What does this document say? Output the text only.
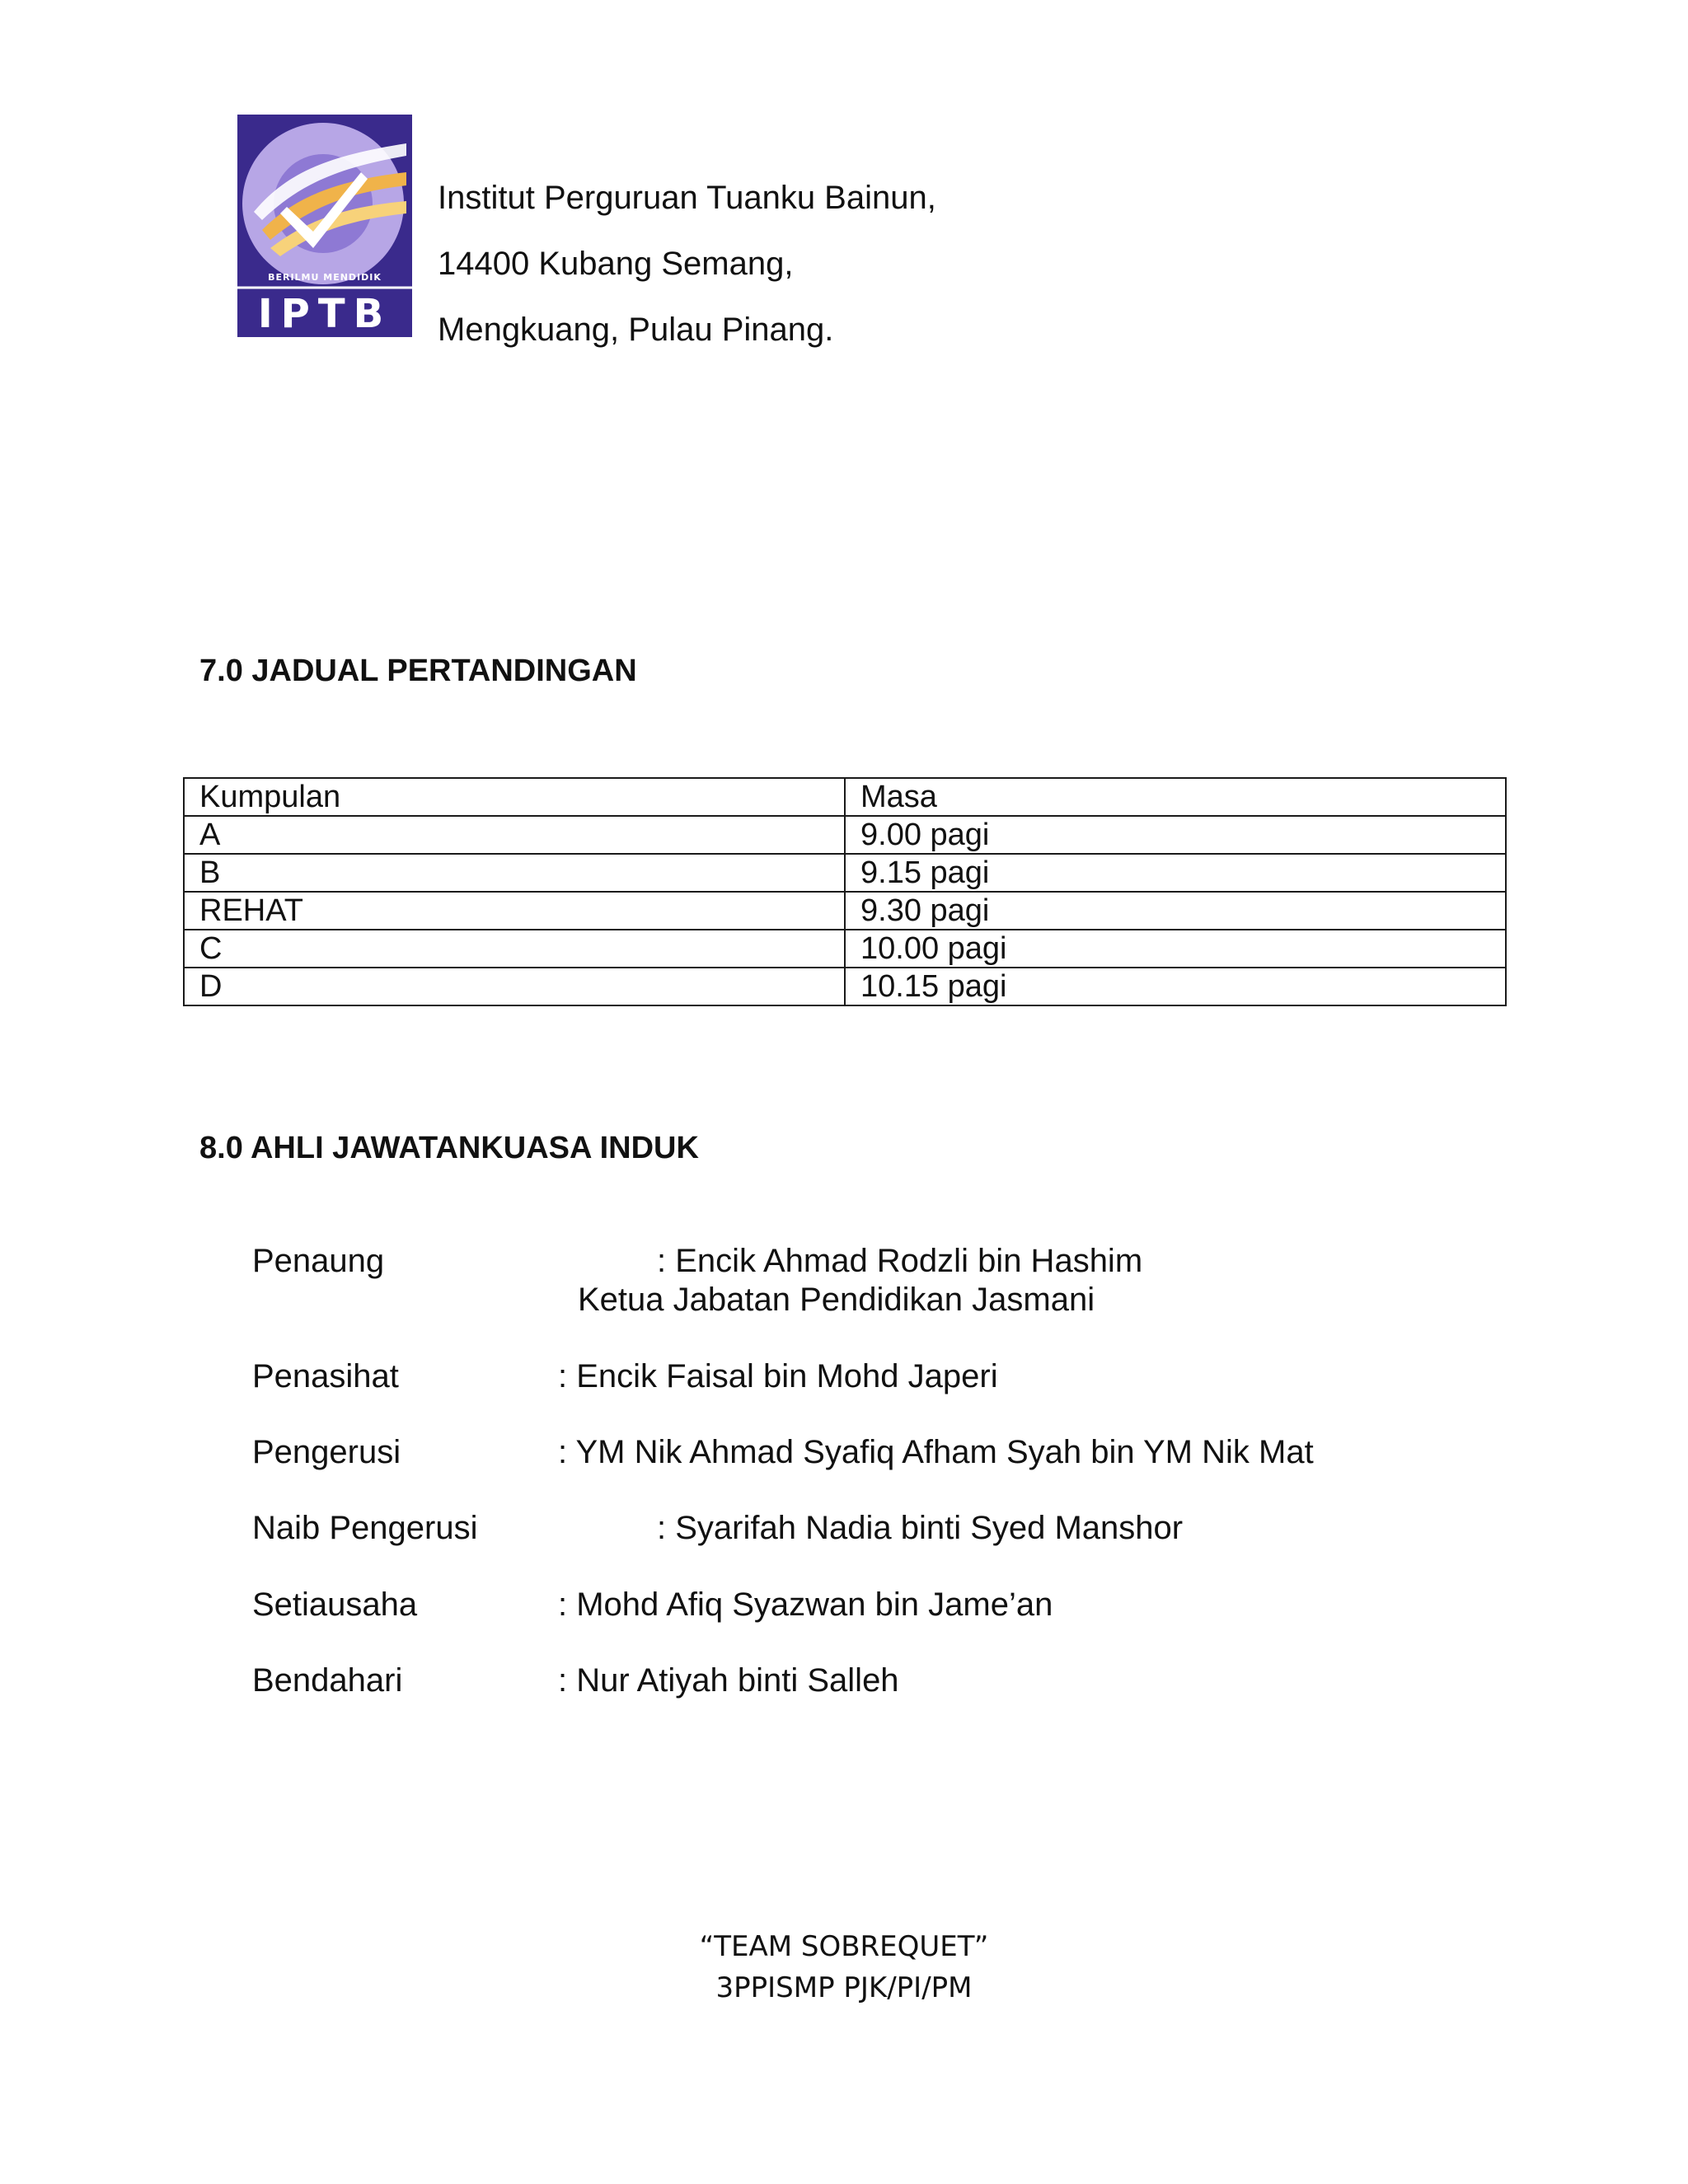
BERILMU MENDIDIK
IPTB
Institut Perguruan Tuanku Bainun,
14400 Kubang Semang,
Mengkuang, Pulau Pinang.
7.0 JADUAL PERTANDINGAN
Kumpulan	Masa
A	9.00 pagi
B	9.15 pagi
REHAT	9.30 pagi
C	10.00 pagi
D	10.15 pagi
8.0 AHLI JAWATANKUASA INDUK
Penaung	: Encik Ahmad Rodzli bin Hashim
Ketua Jabatan Pendidikan Jasmani
Penasihat	: Encik Faisal bin Mohd Japeri
Pengerusi	: YM Nik Ahmad Syafiq Afham Syah bin YM Nik Mat
Naib Pengerusi	: Syarifah Nadia binti Syed Manshor
Setiausaha	: Mohd Afiq Syazwan bin Jame’an
Bendahari	: Nur Atiyah binti Salleh
“TEAM SOBREQUET”
3PPISMP PJK/PI/PM
